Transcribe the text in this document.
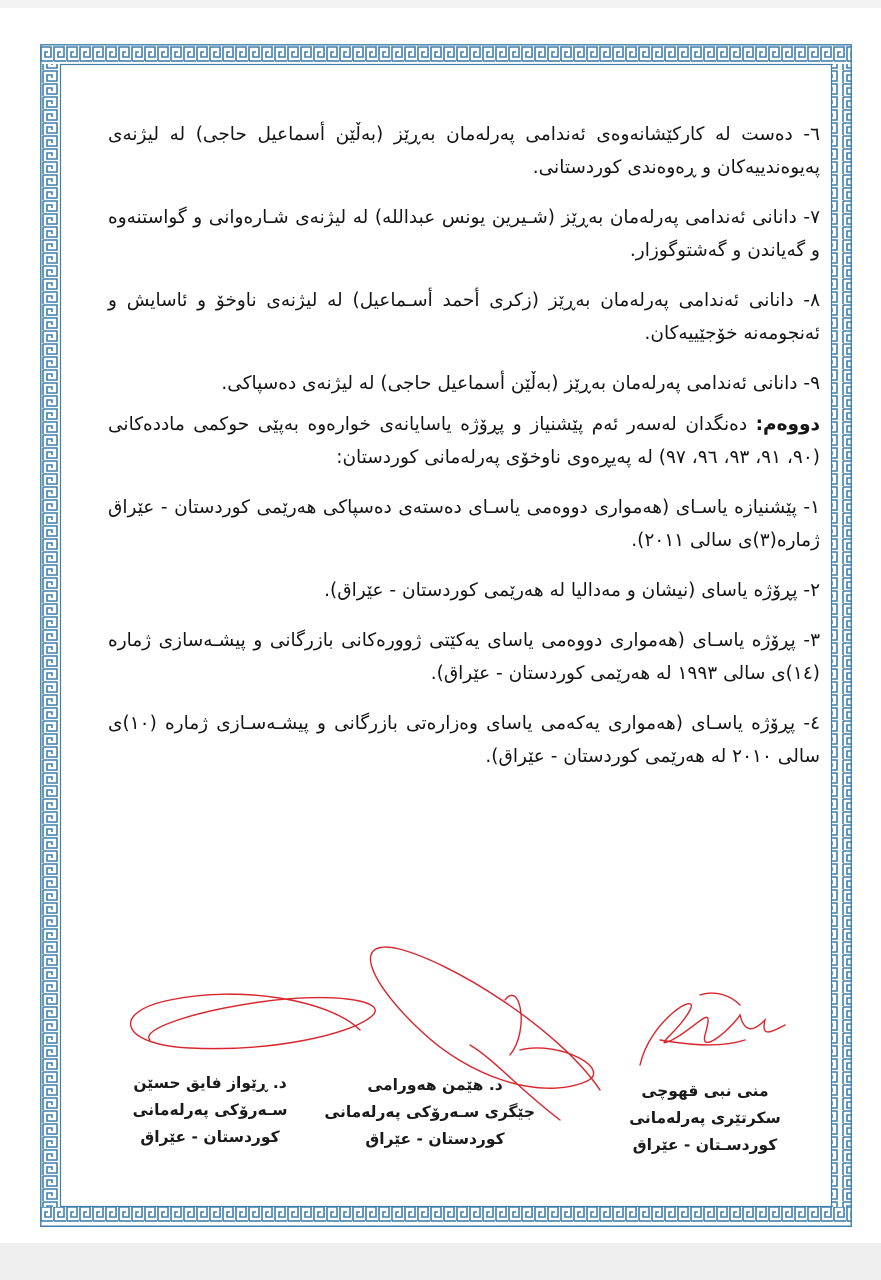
٦- دەست لە كاركێشانەوەی ئەندامی پەرلەمان بەڕێز (بەڵێن أسماعیل حاجی) لە لیژنەی پەیوەندییەكان و ڕەوەندی كوردستانی.

٧- دانانی ئەندامی پەرلەمان بەڕێز (شـیرین یونس عبدالله) لە لیژنەی شـارەوانی و گواستنەوە و گەیاندن و گەشتوگوزار.

٨- دانانی ئەندامی پەرلەمان بەڕێز (زكری أحمد أسـماعیل) لە لیژنەی ناوخۆ و ئاسایش و ئەنجومەنە خۆجێییەكان.

٩- دانانی ئەندامی پەرلەمان بەڕێز (بەڵێن أسماعیل حاجی) لە لیژنەی دەسپاكی.

دووەم: دەنگدان لەسەر ئەم پێشنیاز و پڕۆژە یاسایانەی خوارەوە بەپێی حوكمی ماددەكانی (٩٠، ٩١، ٩٣، ٩٦، ٩٧) لە پەیڕەوی ناوخۆی پەرلەمانی كوردستان:

١- پێشنیازە یاسـای (هەمواری دووەمی یاسـای دەستەی دەسپاكی هەرێمی كوردستان - عێراق ژمارە(٣)ی سالی ٢٠١١).

٢- پڕۆژە یاسای (نیشان و مەدالیا لە هەرێمی كوردستان - عێراق).

٣- پڕۆژە یاسـای (هەمواری دووەمی یاسای یەكێتی ژوورەكانی بازرگانی و پیشـەسازی ژمارە (١٤)ی سالی ١٩٩٣ لە هەرێمی كوردستان - عێراق).

٤- پڕۆژە یاسـای (هەمواری یەكەمی یاسای وەزارەتی بازرگانی و پیشـەسـازی ژمارە (١٠)ی سالی ٢٠١٠ لە هەرێمی كوردستان - عێراق).

د. ڕێواز فایق حسێن
سـەرۆكی پەرلەمانی
كوردستان - عێراق
د. هێمن هەورامی
جێگری سـەرۆكی پەرلەمانی
كوردستان - عێراق
منى نبى قهوچى
سكرتێری پەرلەمانی
كوردسـتان - عێراق
